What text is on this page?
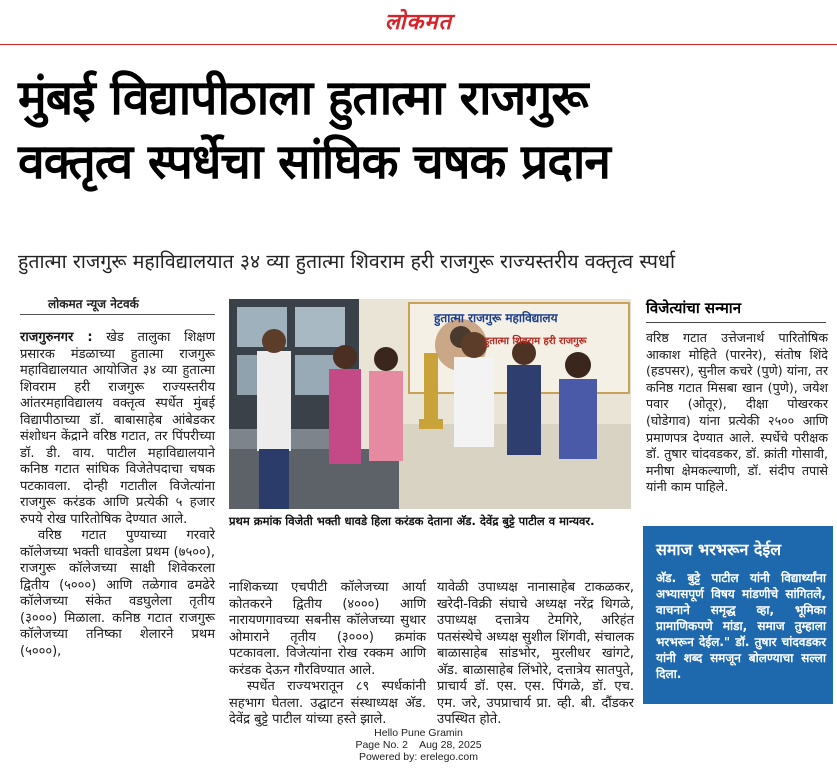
लोकमत
मुंबई विद्यापीठाला हुतात्मा राजगुरू
वक्तृत्व स्पर्धेचा सांघिक चषक प्रदान
हुतात्मा राजगुरू महाविद्यालयात ३४ व्या हुतात्मा शिवराम हरी राजगुरू राज्यस्तरीय वक्तृत्व स्पर्धा
लोकमत न्यूज नेटवर्क

राजगुरुनगर : खेड तालुका शिक्षण प्रसारक मंडळाच्या हुतात्मा राजगुरू महाविद्यालयात आयोजित ३४ व्या हुतात्मा शिवराम हरी राजगुरू राज्यस्तरीय आंतरमहाविद्यालय वक्तृत्व स्पर्धेत मुंबई विद्यापीठाच्या डॉ. बाबासाहेब आंबेडकर संशोधन केंद्राने वरिष्ठ गटात, तर पिंपरीच्या डॉ. डी. वाय. पाटील महाविद्यालयाने कनिष्ठ गटात सांघिक विजेतेपदाचा चषक पटकावला. दोन्ही गटातील विजेत्यांना राजगुरू करंडक आणि प्रत्येकी ५ हजार रुपये रोख पारितोषिक देण्यात आले.

वरिष्ठ गटात पुण्याच्या गरवारे कॉलेजच्या भक्ती धावडेला प्रथम (७५००), राजगुरू कॉलेजच्या साक्षी शिवेकरला द्वितीय (५०००) आणि तळेगाव ढमढेरे कॉलेजच्या संकेत वडघुलेला तृतीय (३०००) मिळाला. कनिष्ठ गटात राजगुरू कॉलेजच्या तनिष्का शेलारने प्रथम (५०००),

हुतात्मा राजगुरू महाविद्यालय
हुतात्मा शिवराम हरी राजगुरू
प्रथम क्रमांक विजेती भक्ती धावडे हिला करंडक देताना अ‍ॅड. देवेंद्र बुट्टे पाटील व मान्यवर.

नाशिकच्या एचपीटी कॉलेजच्या आर्या कोतकरने द्वितीय (४०००) आणि नारायणगावच्या सबनीस कॉलेजच्या सुथार ओमाराने तृतीय (३०००) क्रमांक पटकावला. विजेत्यांना रोख रक्कम आणि करंडक देऊन गौरविण्यात आले.

स्पर्धेत राज्यभरातून ८९ स्पर्धकांनी सहभाग घेतला. उद्घाटन संस्थाध्यक्ष अ‍ॅड. देवेंद्र बुट्टे पाटील यांच्या हस्ते झाले.

यावेळी उपाध्यक्ष नानासाहेब टाकळकर, खरेदी-विक्री संघाचे अध्यक्ष नरेंद्र थिगळे, उपाध्यक्ष दत्तात्रेय टेमगिरे, अरिहंत पतसंस्थेचे अध्यक्ष सुशील शिंगवी, संचालक बाळासाहेब सांडभोर, मुरलीधर खांगटे, अ‍ॅड. बाळासाहेब लिंभोरे, दत्तात्रेय सातपुते, प्राचार्य डॉ. एस. एस. पिंगळे, डॉ. एच. एम. जरे, उपप्राचार्य प्रा. व्ही. बी. दौंडकर उपस्थित होते.

विजेत्यांचा सन्मान
वरिष्ठ गटात उत्तेजनार्थ पारितोषिक आकाश मोहिते (पारनेर), संतोष शिंदे (हडपसर), सुनील कचरे (पुणे) यांना, तर कनिष्ठ गटात मिसबा खान (पुणे), जयेश पवार (ओतूर), दीक्षा पोखरकर (घोडेगाव) यांना प्रत्येकी २५०० आणि प्रमाणपत्र देण्यात आले. स्पर्धेचे परीक्षक डॉ. तुषार चांदवडकर, डॉ. क्रांती गोसावी, मनीषा क्षेमकल्याणी, डॉ. संदीप तपासे यांनी काम पाहिले.
समाज भरभरून देईल
अ‍ॅड. बुट्टे पाटील यांनी विद्यार्थ्यांना अभ्यासपूर्ण विषय मांडणीचे सांगितले, वाचनाने समृद्ध व्हा, भूमिका प्रामाणिकपणे मांडा, समाज तुम्हाला भरभरून देईल." डॉ. तुषार चांदवडकर यांनी शब्द समजून बोलण्याचा सल्ला दिला.
Hello Pune Gramin
Page No. 2    Aug 28, 2025
Powered by: erelego.com
